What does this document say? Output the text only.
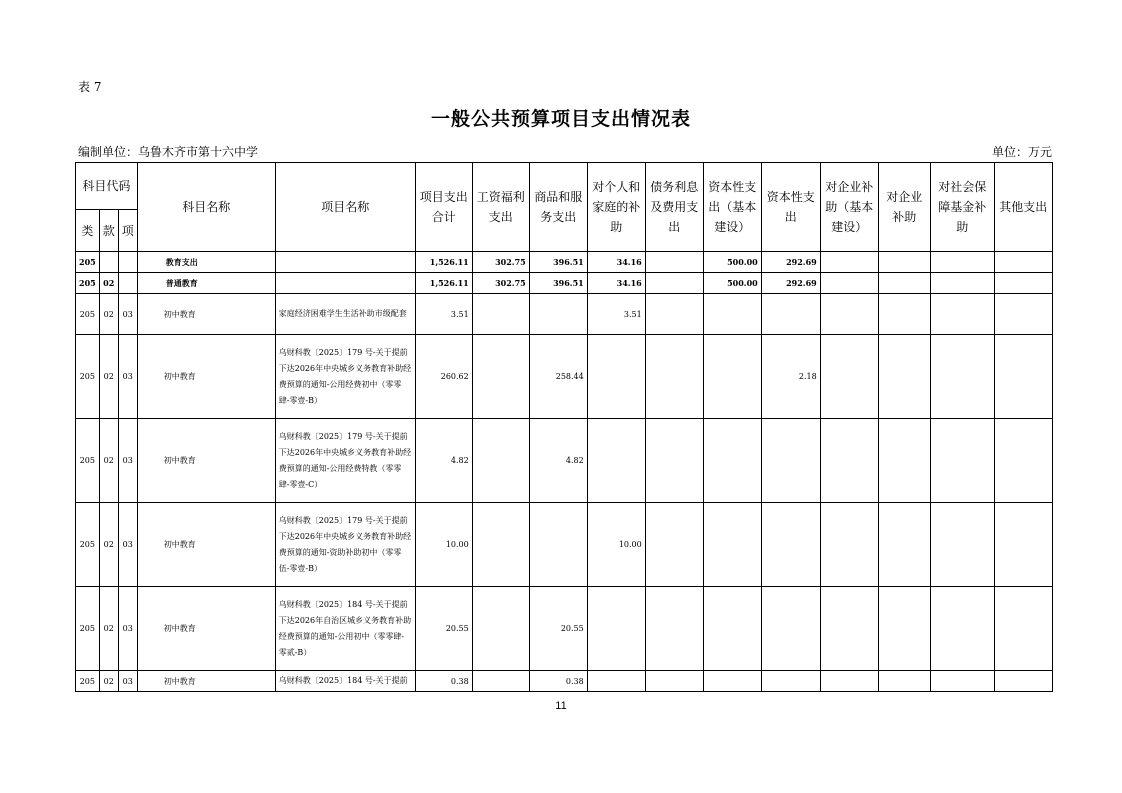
表 7
一般公共预算项目支出情况表
编制单位：乌鲁木齐市第十六中学	单位：万元
科目代码			科目名称	项目名称	项目支出合计	工资福利支出	商品和服务支出	对个人和家庭的补助	债务利息及费用支出	资本性支出（基本建设）	资本性支出	对企业补助（基本建设）	对企业补助	对社会保障基金补助	其他支出
类	款	项													
205			教育支出		1,526.11	302.75	396.51	34.16		500.00	292.69				
205	02		普通教育		1,526.11	302.75	396.51	34.16		500.00	292.69				
205	02	03	初中教育	家庭经济困难学生生活补助市级配套	3.51			3.51							
205	02	03	初中教育	乌财科教〔2025〕179 号-关于提前下达2026年中央城乡义务教育补助经费预算的通知-公用经费初中（零零肆-零壹-B）	260.62		258.44				2.18				
205	02	03	初中教育	乌财科教〔2025〕179 号-关于提前下达2026年中央城乡义务教育补助经费预算的通知-公用经费特教（零零肆-零壹-C）	4.82		4.82								
205	02	03	初中教育	乌财科教〔2025〕179 号-关于提前下达2026年中央城乡义务教育补助经费预算的通知-资助补助初中（零零伍-零壹-B）	10.00			10.00							
205	02	03	初中教育	乌财科教〔2025〕184 号-关于提前下达2026年自治区城乡义务教育补助经费预算的通知-公用初中（零零肆-零贰-B）	20.55		20.55								
205	02	03	初中教育	乌财科教〔2025〕184 号-关于提前	0.38		0.38								
11
